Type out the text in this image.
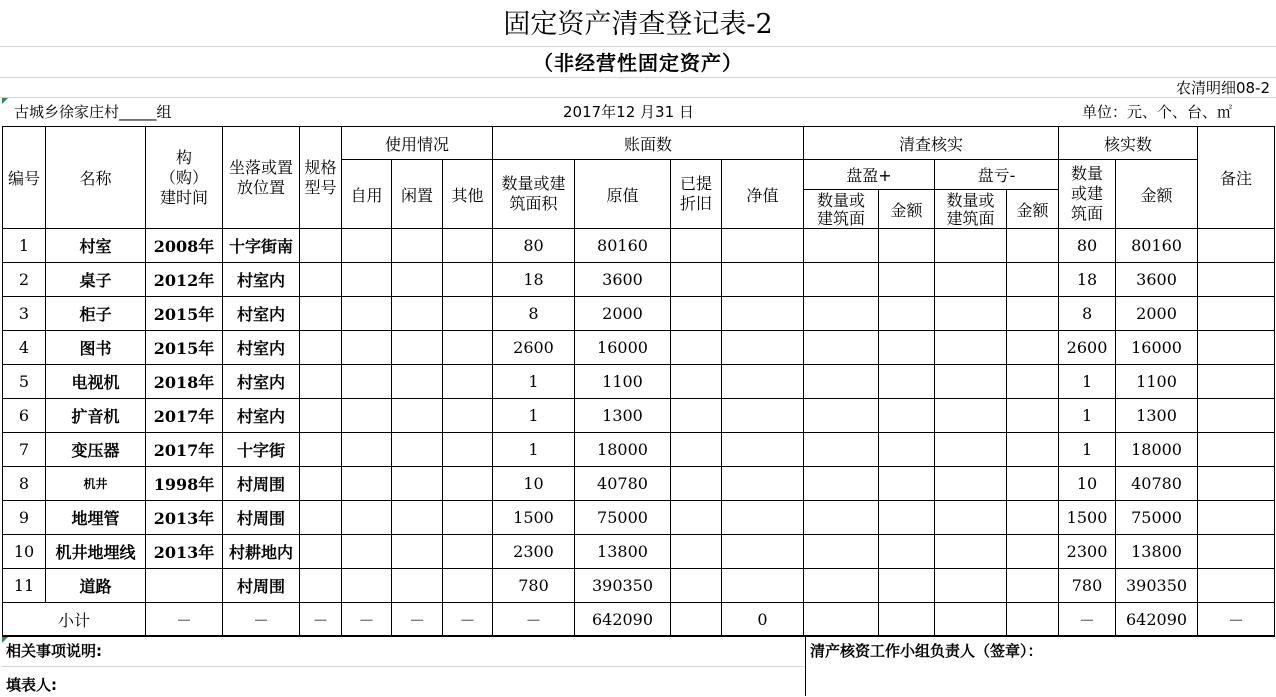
固定资产清查登记表-2
（非经营性固定资产）
农清明细08-2
古城乡徐家庄村_____组	2017年12 月31 日	单位：元、个、台、㎡
编号	名称	构（购）建时间	坐落或置放位置	规格型号	使用情况			账面数				清查核实				核实数		备注
					自用	闲置	其他	数量或建筑面积	原值	已提折旧	净值	盘盈+		盘亏-		数量或建筑面	金额	

												数量或建筑面	金额	数量或建筑面	金额			
1	村室	2008年	十字街南					80	80160							80	80160	
2	桌子	2012年	村室内					18	3600							18	3600	
3	柜子	2015年	村室内					8	2000							8	2000	
4	图书	2015年	村室内					2600	16000							2600	16000	
5	电视机	2018年	村室内					1	1100							1	1100	
6	扩音机	2017年	村室内					1	1300							1	1300	
7	变压器	2017年	十字街					1	18000							1	18000	
8	机井	1998年	村周围					10	40780							10	40780	
9	地埋管	2013年	村周围					1500	75000							1500	75000	
10	机井地埋线	2013年	村耕地内					2300	13800							2300	13800	
11	道路		村周围					780	390350							780	390350	
小计		－	－	－	－	－	－	－	642090		0					－	642090	－
相关事项说明:	清产核资工作小组负责人（签章）：
填表人:
